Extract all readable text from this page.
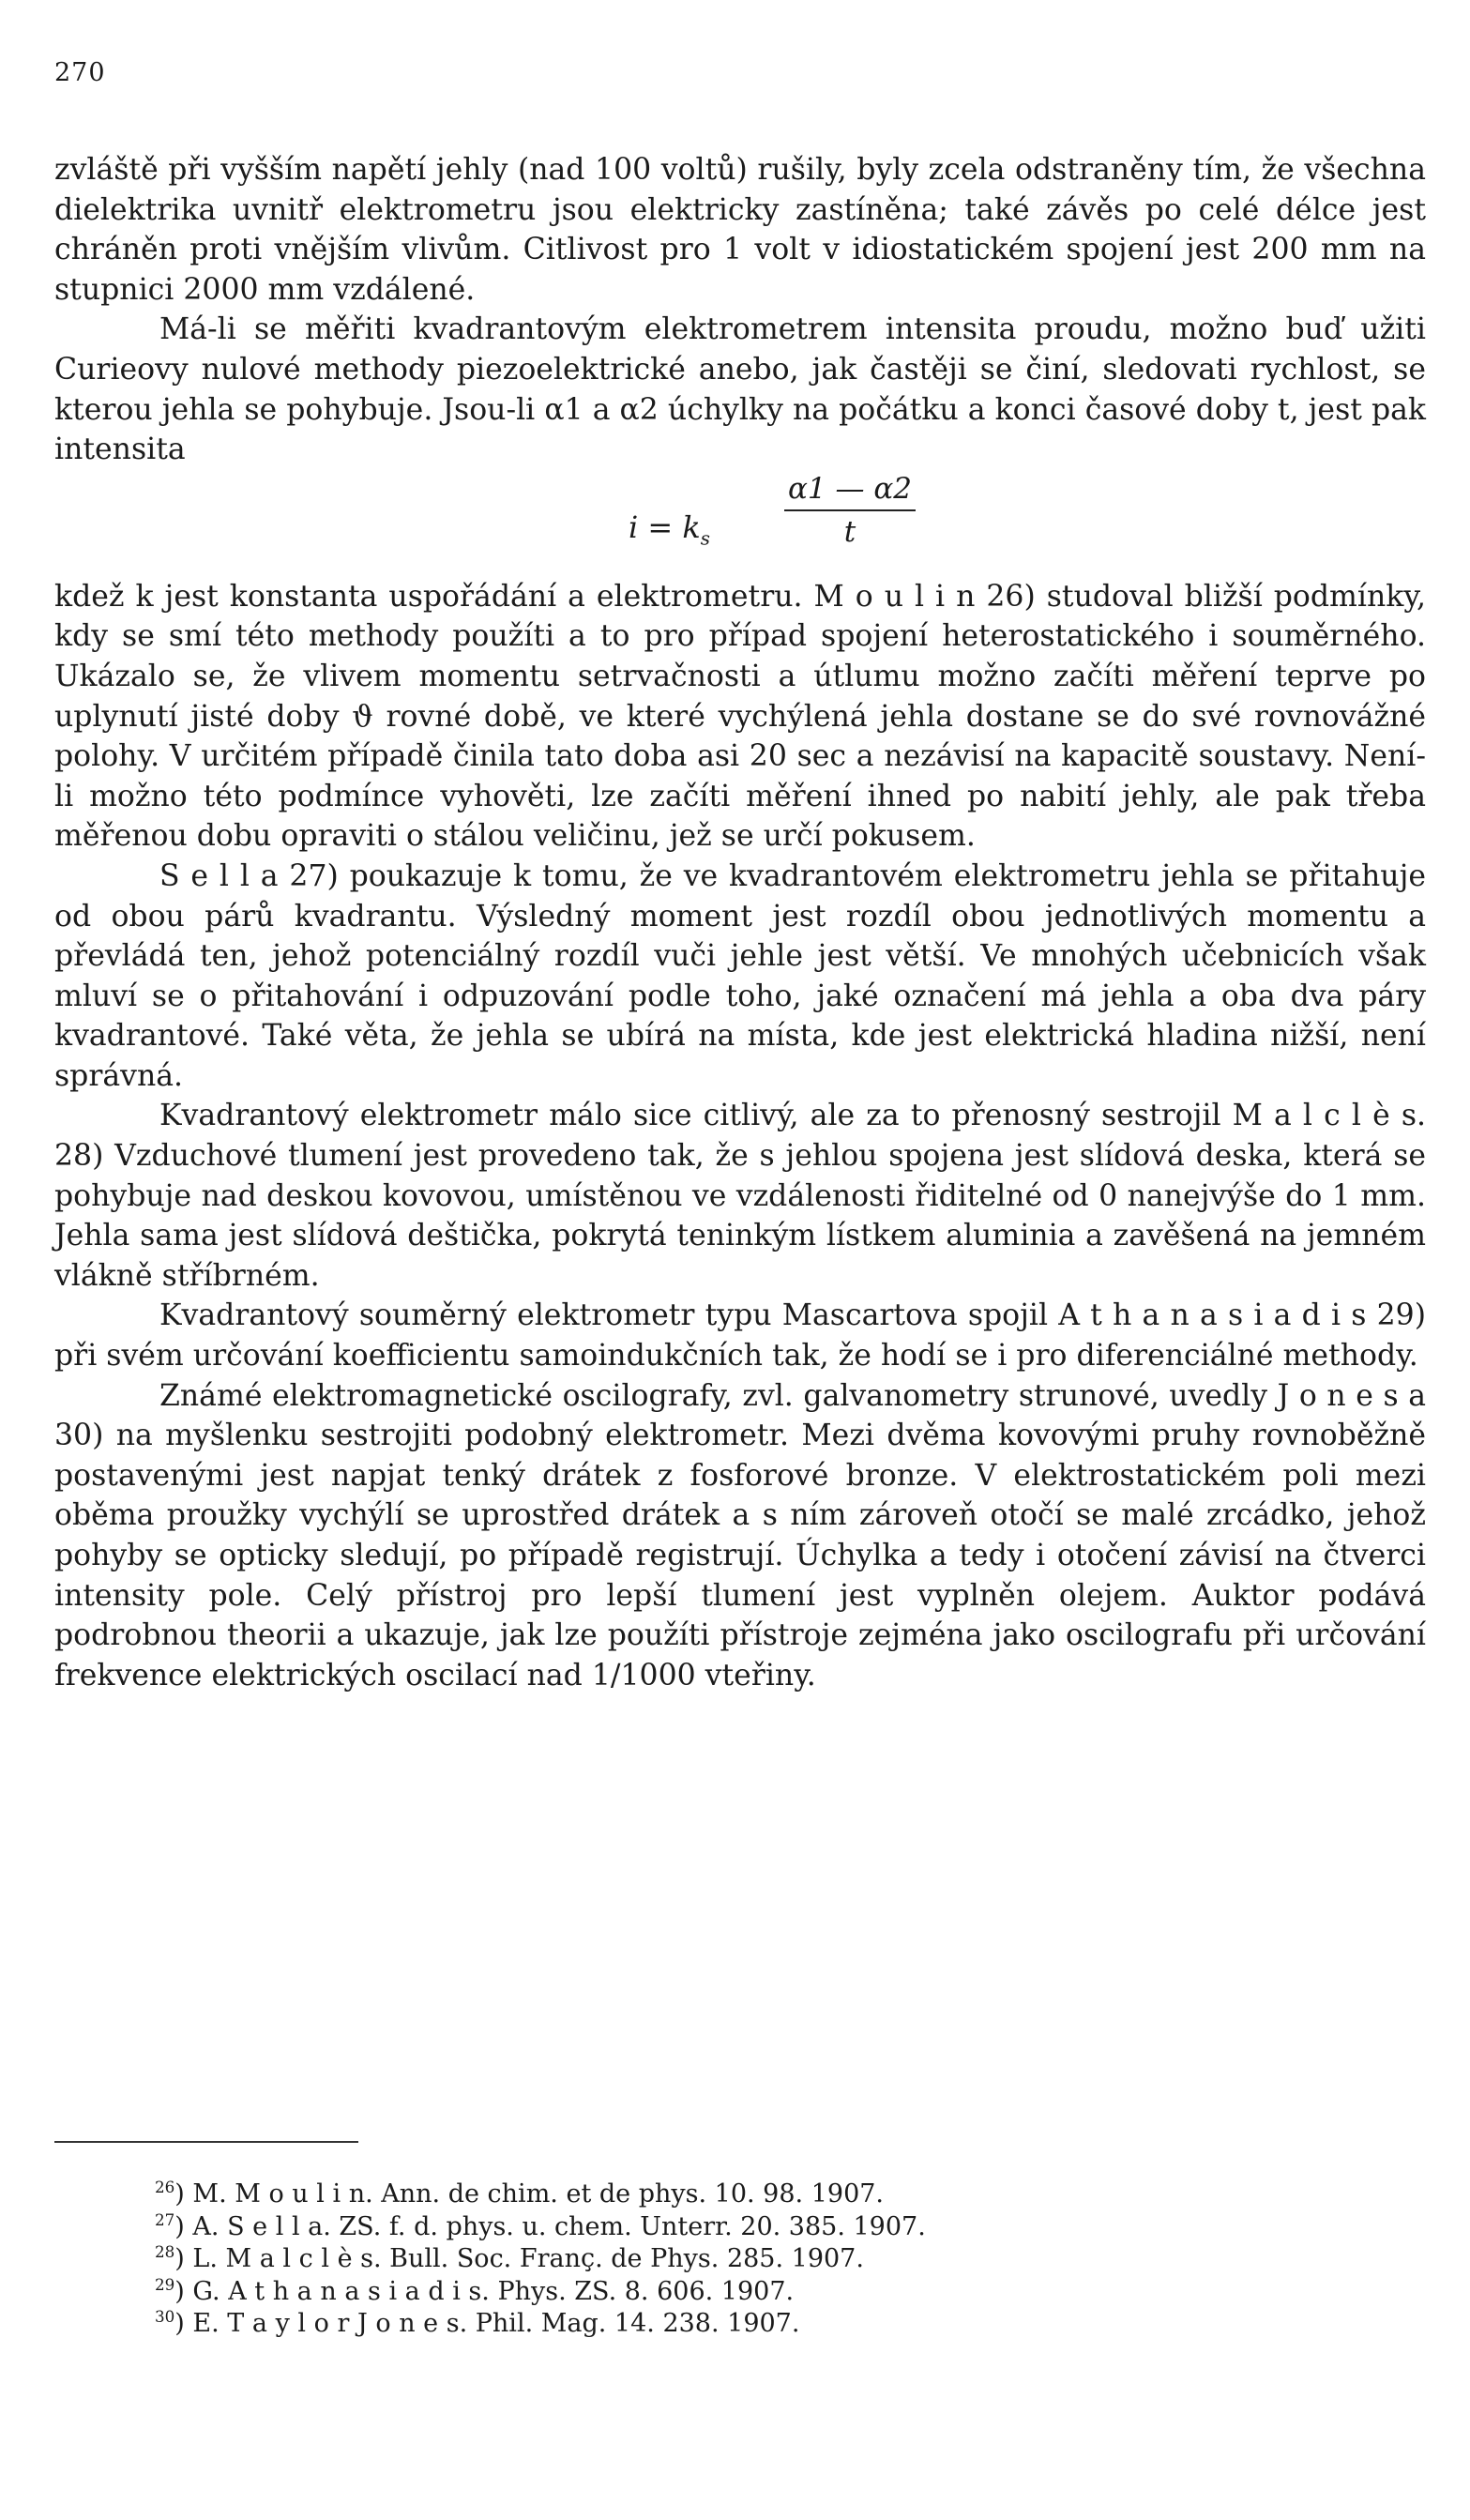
270

zvláště při vyšším napětí jehly (nad 100 voltů) rušily, byly zcela odstraněny tím, že všechna dielektrika uvnitř elektrometru jsou elektricky zastíněna; také závěs po celé délce jest chráněn proti vnějším vlivům. Citlivost pro 1 volt v idiostatickém spojení jest 200 mm na stupnici 2000 mm vzdálené.

Má-li se měřiti kvadrantovým elektrometrem intensita proudu, možno buď užiti Curieovy nulové methody piezoelektrické anebo, jak častěji se činí, sledovati rychlost, se kterou jehla se pohybuje. Jsou-li α1 a α2 úchylky na počátku a konci časové doby t, jest pak intensita

$i = k_s$	$\frac{\alpha 1 — \alpha 2}{t}$

kdež k jest konstanta uspořádání a elektrometru. M o u l i n 26) studoval bližší podmínky, kdy se smí této methody použíti a to pro případ spojení heterostatického i souměrného. Ukázalo se, že vlivem momentu setrvačnosti a útlumu možno začíti měření teprve po uplynutí jisté doby ϑ rovné době, ve které vychýlená jehla dostane se do své rovnovážné polohy. V určitém případě činila tato doba asi 20 sec a nezávisí na kapacitě soustavy. Není-li možno této podmínce vyhověti, lze začíti měření ihned po nabití jehly, ale pak třeba měřenou dobu opraviti o stálou veličinu, jež se určí pokusem.

S e l l a 27) poukazuje k tomu, že ve kvadrantovém elektrometru jehla se přitahuje od obou párů kvadrantu. Výsledný moment jest rozdíl obou jednotlivých momentu a převládá ten, jehož potenciálný rozdíl vuči jehle jest větší. Ve mnohých učebnicích však mluví se o přitahování i odpuzování podle toho, jaké označení má jehla a oba dva páry kvadrantové. Také věta, že jehla se ubírá na místa, kde jest elektrická hladina nižší, není správná.

Kvadrantový elektrometr málo sice citlivý, ale za to přenosný sestrojil M a l c l è s. 28) Vzduchové tlumení jest provedeno tak, že s jehlou spojena jest slídová deska, která se pohybuje nad deskou kovovou, umístěnou ve vzdálenosti řiditelné od 0 nanejvýše do 1 mm. Jehla sama jest slídová deštička, pokrytá teninkým lístkem aluminia a zavěšená na jemném vlákně stříbrném.

Kvadrantový souměrný elektrometr typu Mascartova spojil A t h a n a s i a d i s 29) při svém určování koefficientu samoindukčních tak, že hodí se i pro diferenciálné methody.

Známé elektromagnetické oscilografy, zvl. galvanometry strunové, uvedly J o n e s a 30) na myšlenku sestrojiti podobný elektrometr. Mezi dvěma kovovými pruhy rovnoběžně postavenými jest napjat tenký drátek z fosforové bronze. V elektrostatickém poli mezi oběma proužky vychýlí se uprostřed drátek a s ním zároveň otočí se malé zrcádko, jehož pohyby se opticky sledují, po případě registrují. Úchylka a tedy i otočení závisí na čtverci intensity pole. Celý přístroj pro lepší tlumení jest vyplněn olejem. Auktor podává podrobnou theorii a ukazuje, jak lze použíti přístroje zejména jako oscilografu při určování frekvence elektrických oscilací nad 1/1000 vteřiny.

$^{26}$) M. M o u l i n. Ann. de chim. et de phys. 10. 98. 1907.
$^{27}$) A. S e l l a. ZS. f. d. phys. u. chem. Unterr. 20. 385. 1907.
$^{28}$) L. M a l c l è s. Bull. Soc. Franç. de Phys. 285. 1907.
$^{29}$) G. A t h a n a s i a d i s. Phys. ZS. 8. 606. 1907.
$^{30}$) E. T a y l o r J o n e s. Phil. Mag. 14. 238. 1907.
